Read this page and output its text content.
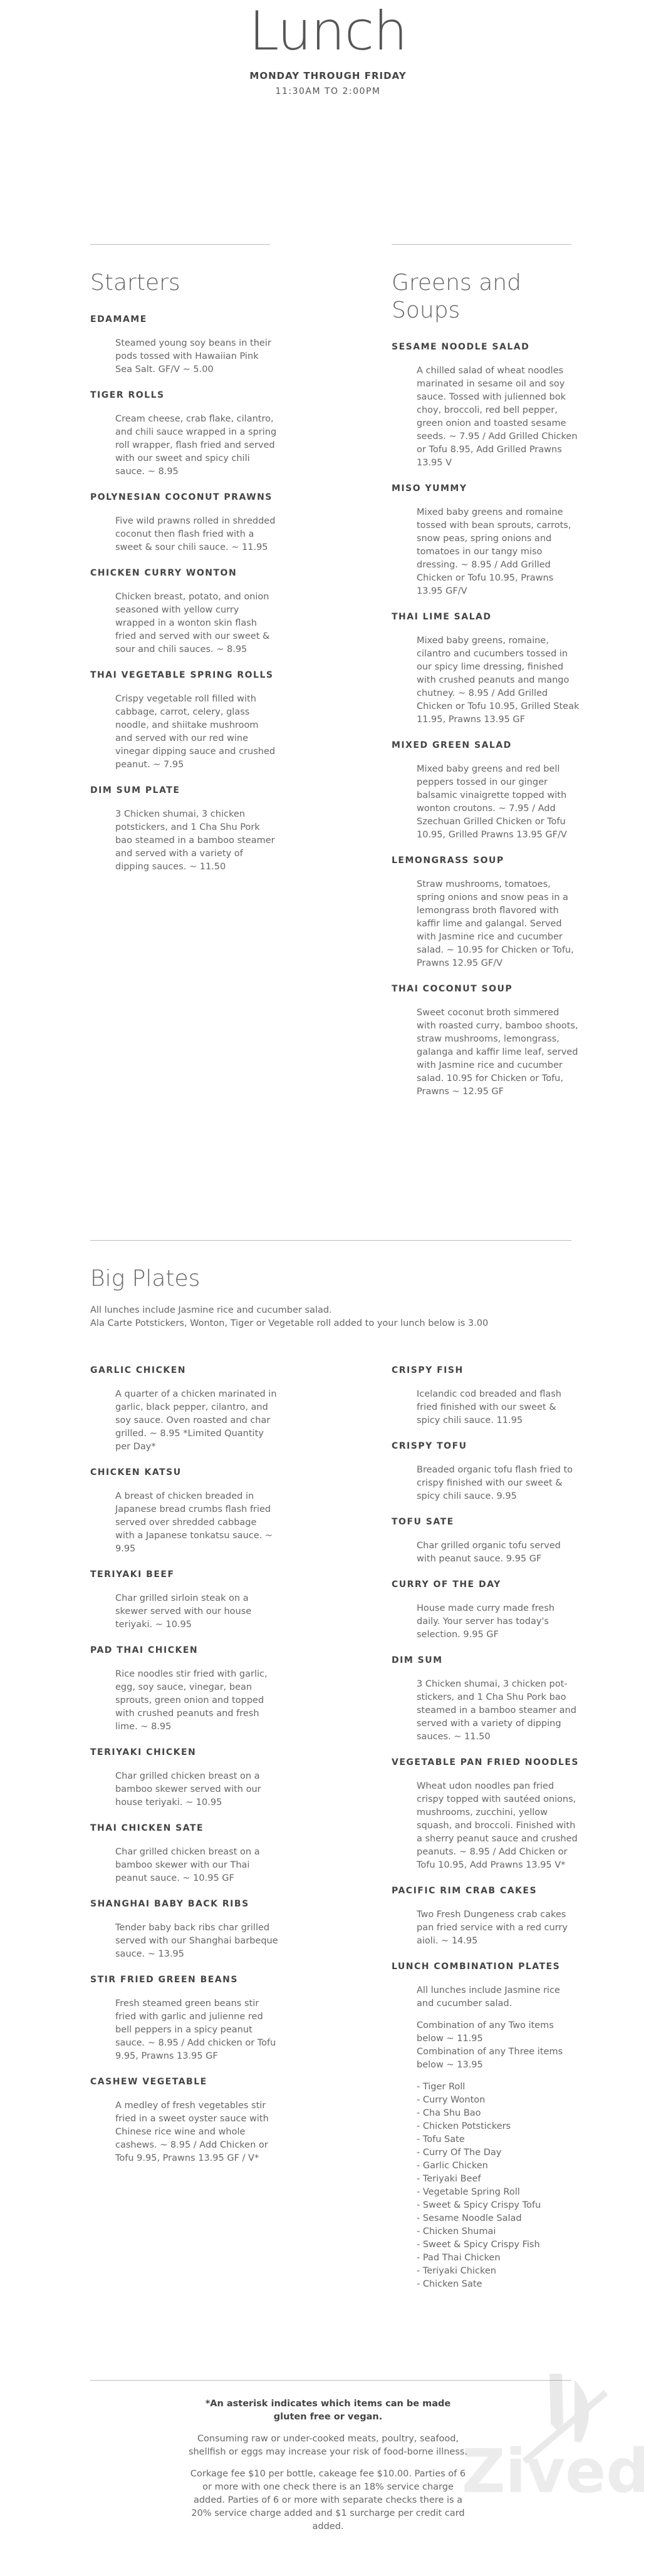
Lunch
MONDAY THROUGH FRIDAY
11:30AM TO 2:00PM
Starters
EDAMAME
Steamed young soy beans in their pods tossed with Hawaiian Pink Sea Salt. GF/V ~ 5.00
TIGER ROLLS
Cream cheese, crab flake, cilantro, and chili sauce wrapped in a spring roll wrapper, flash fried and served with our sweet and spicy chili sauce. ~ 8.95
POLYNESIAN COCONUT PRAWNS
Five wild prawns rolled in shredded coconut then flash fried with a sweet & sour chili sauce. ~ 11.95
CHICKEN CURRY WONTON
Chicken breast, potato, and onion seasoned with yellow curry wrapped in a wonton skin flash fried and served with our sweet & sour and chili sauces. ~ 8.95
THAI VEGETABLE SPRING ROLLS
Crispy vegetable roll filled with cabbage, carrot, celery, glass noodle, and shiitake mushroom and served with our red wine vinegar dipping sauce and crushed peanut. ~ 7.95
DIM SUM PLATE
3 Chicken shumai, 3 chicken potstickers, and 1 Cha Shu Pork bao steamed in a bamboo steamer and served with a variety of dipping sauces. ~ 11.50
Greens and Soups
SESAME NOODLE SALAD
A chilled salad of wheat noodles marinated in sesame oil and soy sauce. Tossed with julienned bok choy, broccoli, red bell pepper, green onion and toasted sesame seeds. ~ 7.95 / Add Grilled Chicken or Tofu 8.95, Add Grilled Prawns 13.95 V
MISO YUMMY
Mixed baby greens and romaine tossed with bean sprouts, carrots, snow peas, spring onions and tomatoes in our tangy miso dressing. ~ 8.95 / Add Grilled Chicken or Tofu 10.95, Prawns 13.95 GF/V
THAI LIME SALAD
Mixed baby greens, romaine, cilantro and cucumbers tossed in our spicy lime dressing, finished with crushed peanuts and mango chutney. ~ 8.95 / Add Grilled Chicken or Tofu 10.95, Grilled Steak 11.95, Prawns 13.95 GF
MIXED GREEN SALAD
Mixed baby greens and red bell peppers tossed in our ginger balsamic vinaigrette topped with wonton croutons. ~ 7.95 / Add Szechuan Grilled Chicken or Tofu 10.95, Grilled Prawns 13.95 GF/V
LEMONGRASS SOUP
Straw mushrooms, tomatoes, spring onions and snow peas in a lemongrass broth flavored with kaffir lime and galangal. Served with Jasmine rice and cucumber salad. ~ 10.95 for Chicken or Tofu, Prawns 12.95 GF/V
THAI COCONUT SOUP
Sweet coconut broth simmered with roasted curry, bamboo shoots, straw mushrooms, lemongrass, galanga and kaffir lime leaf, served with Jasmine rice and cucumber salad. 10.95 for Chicken or Tofu, Prawns ~ 12.95 GF
Big Plates
All lunches include Jasmine rice and cucumber salad.
Ala Carte Potstickers, Wonton, Tiger or Vegetable roll added to your lunch below is 3.00
GARLIC CHICKEN
A quarter of a chicken marinated in garlic, black pepper, cilantro, and soy sauce. Oven roasted and char grilled. ~ 8.95 *Limited Quantity per Day*
CHICKEN KATSU
A breast of chicken breaded in Japanese bread crumbs flash fried served over shredded cabbage with a Japanese tonkatsu sauce. ~ 9.95
TERIYAKI BEEF
Char grilled sirloin steak on a skewer served with our house teriyaki. ~ 10.95
PAD THAI CHICKEN
Rice noodles stir fried with garlic, egg, soy sauce, vinegar, bean sprouts, green onion and topped with crushed peanuts and fresh lime. ~ 8.95
TERIYAKI CHICKEN
Char grilled chicken breast on a bamboo skewer served with our house teriyaki. ~ 10.95
THAI CHICKEN SATE
Char grilled chicken breast on a bamboo skewer with our Thai peanut sauce. ~ 10.95 GF
SHANGHAI BABY BACK RIBS
Tender baby back ribs char grilled served with our Shanghai barbeque sauce. ~ 13.95
STIR FRIED GREEN BEANS
Fresh steamed green beans stir fried with garlic and julienne red bell peppers in a spicy peanut sauce. ~ 8.95 / Add chicken or Tofu 9.95, Prawns 13.95 GF
CASHEW VEGETABLE
A medley of fresh vegetables stir fried in a sweet oyster sauce with Chinese rice wine and whole cashews. ~ 8.95 / Add Chicken or Tofu 9.95, Prawns 13.95 GF / V*
CRISPY FISH
Icelandic cod breaded and flash fried finished with our sweet & spicy chili sauce. 11.95
CRISPY TOFU
Breaded organic tofu flash fried to crispy finished with our sweet & spicy chili sauce. 9.95
TOFU SATE
Char grilled organic tofu served with peanut sauce. 9.95 GF
CURRY OF THE DAY
House made curry made fresh daily. Your server has today's selection. 9.95 GF
DIM SUM
3 Chicken shumai, 3 chicken pot-stickers, and 1 Cha Shu Pork bao steamed in a bamboo steamer and served with a variety of dipping sauces. ~ 11.50
VEGETABLE PAN FRIED NOODLES
Wheat udon noodles pan fried crispy topped with sautéed onions, mushrooms, zucchini, yellow squash, and broccoli. Finished with a sherry peanut sauce and crushed peanuts. ~ 8.95 / Add Chicken or Tofu 10.95, Add Prawns 13.95 V*
PACIFIC RIM CRAB CAKES
Two Fresh Dungeness crab cakes pan fried service with a red curry aioli. ~ 14.95
LUNCH COMBINATION PLATES
All lunches include Jasmine rice and cucumber salad.
Combination of any Two items below ~ 11.95
Combination of any Three items below ~ 13.95
- Tiger Roll
- Curry Wonton
- Cha Shu Bao
- Chicken Potstickers
- Tofu Sate
- Curry Of The Day
- Garlic Chicken
- Teriyaki Beef
- Vegetable Spring Roll
- Sweet & Spicy Crispy Tofu
- Sesame Noodle Salad
- Chicken Shumai
- Sweet & Spicy Crispy Fish
- Pad Thai Chicken
- Teriyaki Chicken
- Chicken Sate
*An asterisk indicates which items can be made gluten free or vegan.
Consuming raw or under-cooked meats, poultry, seafood, shellfish or eggs may increase your risk of food-borne illness.
Corkage fee $10 per bottle, cakeage fee $10.00. Parties of 6 or more with one check there is an 18% service charge added. Parties of 6 or more with separate checks there is a 20% service charge added and $1 surcharge per credit card added.
Zived
